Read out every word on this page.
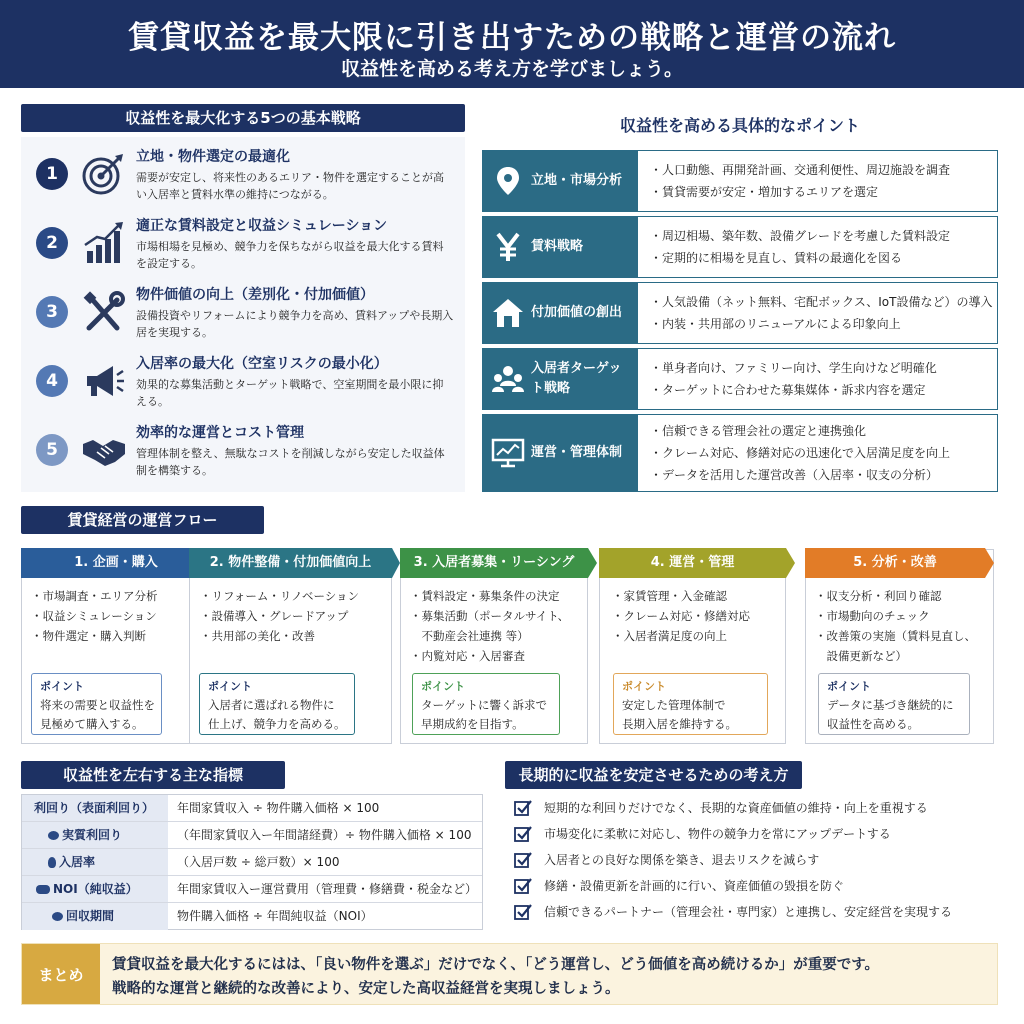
賃貸収益を最大限に引き出すための戦略と運営の流れ
収益性を高める考え方を学びましょう。
収益性を最大化する5つの基本戦略
1
立地・物件選定の最適化
需要が安定し、将来性のあるエリア・物件を選定することが高い入居率と賃料水準の維持につながる。
2
適正な賃料設定と収益シミュレーション
市場相場を見極め、競争力を保ちながら収益を最大化する賃料を設定する。
3
物件価値の向上（差別化・付加価値）
設備投資やリフォームにより競争力を高め、賃料アップや長期入居を実現する。
4
入居率の最大化（空室リスクの最小化）
効果的な募集活動とターゲット戦略で、空室期間を最小限に抑える。
5
効率的な運営とコスト管理
管理体制を整え、無駄なコストを削減しながら安定した収益体制を構築する。
収益性を高める具体的なポイント
立地・市場分析
・人口動態、再開発計画、交通利便性、周辺施設を調査
・賃貸需要が安定・増加するエリアを選定
賃料戦略
・周辺相場、築年数、設備グレードを考慮した賃料設定
・定期的に相場を見直し、賃料の最適化を図る
付加価値の創出
・人気設備（ネット無料、宅配ボックス、IoT設備など）の導入
・内装・共用部のリニューアルによる印象向上
入居者ターゲット戦略
・単身者向け、ファミリー向け、学生向けなど明確化
・ターゲットに合わせた募集媒体・訴求内容を選定
運営・管理体制
・信頼できる管理会社の選定と連携強化
・クレーム対応、修繕対応の迅速化で入居満足度を向上
・データを活用した運営改善（入居率・収支の分析）
賃貸経営の運営フロー
1. 企画・購入
・市場調査・エリア分析
・収益シミュレーション
・物件選定・購入判断
ポイント
将来の需要と収益性を
見極めて購入する。
2. 物件整備・付加価値向上
・リフォーム・リノベーション
・設備導入・グレードアップ
・共用部の美化・改善
ポイント
入居者に選ばれる物件に
仕上げ、競争力を高める。
3. 入居者募集・リーシング
・賃料設定・募集条件の決定
・募集活動（ポータルサイト、
　不動産会社連携 等）
・内覧対応・入居審査
ポイント
ターゲットに響く訴求で
早期成約を目指す。
4. 運営・管理
・家賃管理・入金確認
・クレーム対応・修繕対応
・入居者満足度の向上
ポイント
安定した管理体制で
長期入居を維持する。
5. 分析・改善
・収支分析・利回り確認
・市場動向のチェック
・改善策の実施（賃料見直し、
　設備更新など）
ポイント
データに基づき継続的に
収益性を高める。
収益性を左右する主な指標
利回り（表面利回り）	年間家賃収入 ÷ 物件購入価格 × 100
実質利回り	（年間家賃収入ー年間諸経費）÷ 物件購入価格 × 100
入居率	（入居戸数 ÷ 総戸数）× 100
NOI（純収益）	年間家賃収入ー運営費用（管理費・修繕費・税金など）
回収期間	物件購入価格 ÷ 年間純収益（NOI）
長期的に収益を安定させるための考え方
短期的な利回りだけでなく、長期的な資産価値の維持・向上を重視する
市場変化に柔軟に対応し、物件の競争力を常にアップデートする
入居者との良好な関係を築き、退去リスクを減らす
修繕・設備更新を計画的に行い、資産価値の毀損を防ぐ
信頼できるパートナー（管理会社・専門家）と連携し、安定経営を実現する
まとめ
賃貸収益を最大化するにはは、「良い物件を選ぶ」だけでなく、「どう運営し、どう価値を高め続けるか」が重要です。
戦略的な運営と継続的な改善により、安定した高収益経営を実現しましょう。
